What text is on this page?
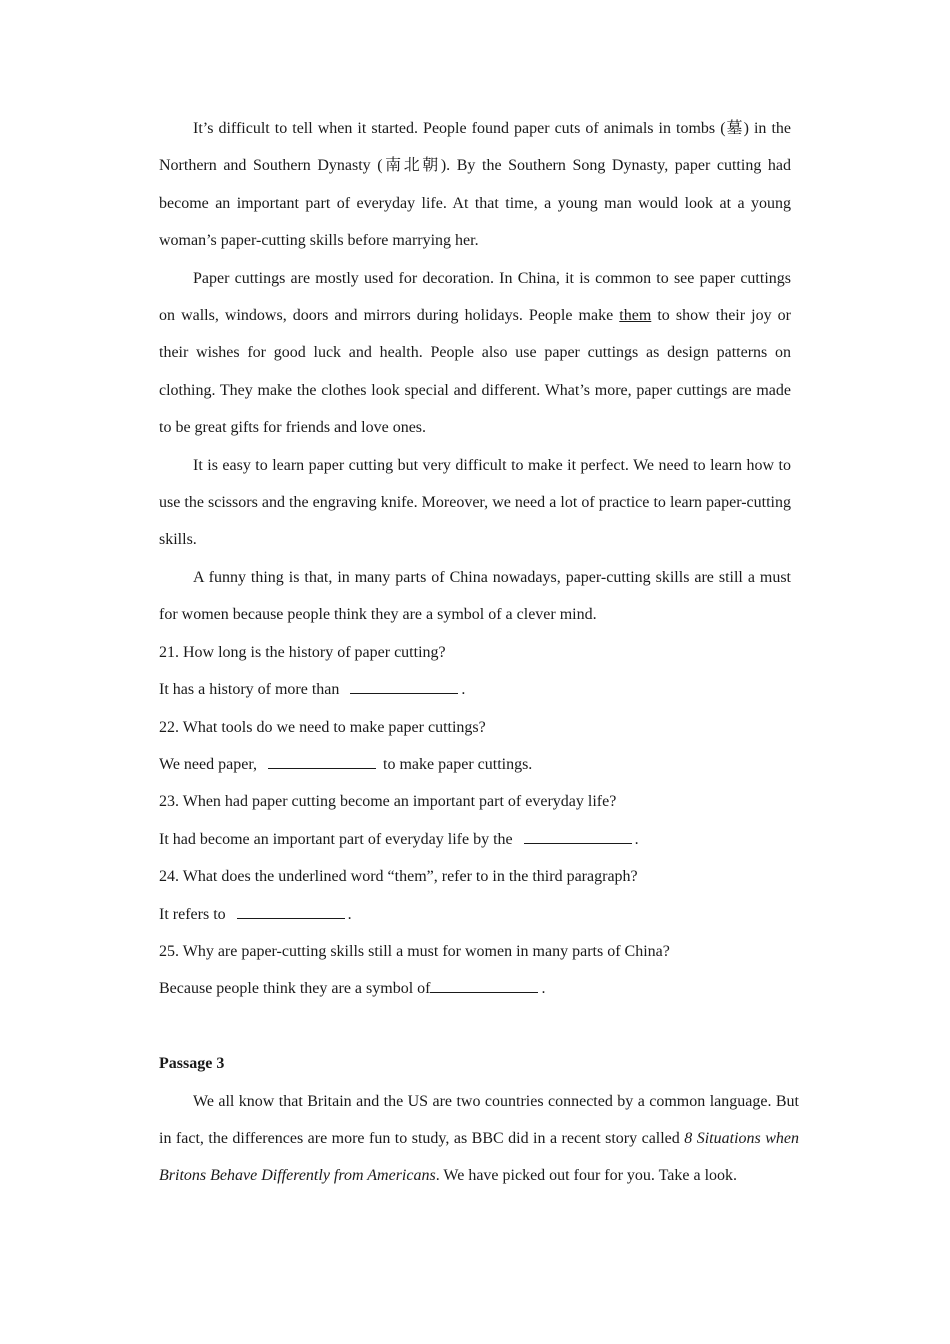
It’s difficult to tell when it started. People found paper cuts of animals in tombs (墓) in the Northern and Southern Dynasty (南北朝). By the Southern Song Dynasty, paper cutting had become an important part of everyday life. At that time, a young man would look at a young woman’s paper-cutting skills before marrying her.

Paper cuttings are mostly used for decoration. In China, it is common to see paper cuttings on walls, windows, doors and mirrors during holidays. People make them to show their joy or their wishes for good luck and health. People also use paper cuttings as design patterns on clothing. They make the clothes look special and different. What’s more, paper cuttings are made to be great gifts for friends and love ones.

It is easy to learn paper cutting but very difficult to make it perfect. We need to learn how to use the scissors and the engraving knife. Moreover, we need a lot of practice to learn paper-cutting skills.

A funny thing is that, in many parts of China nowadays, paper-cutting skills are still a must for women because people think they are a symbol of a clever mind.

21. How long is the history of paper cutting?

It has a history of more than	.

22. What tools do we need to make paper cuttings?

We need paper,	to make paper cuttings.

23. When had paper cutting become an important part of everyday life?

It had become an important part of everyday life by the	.

24. What does the underlined word “them”, refer to in the third paragraph?

It refers to	.

25. Why are paper-cutting skills still a must for women in many parts of China?

Because people think they are a symbol of	.

Passage 3

We all know that Britain and the US are two countries connected by a common language. But in fact, the differences are more fun to study, as BBC did in a recent story called 8 Situations when Britons Behave Differently from Americans. We have picked out four for you. Take a look.
